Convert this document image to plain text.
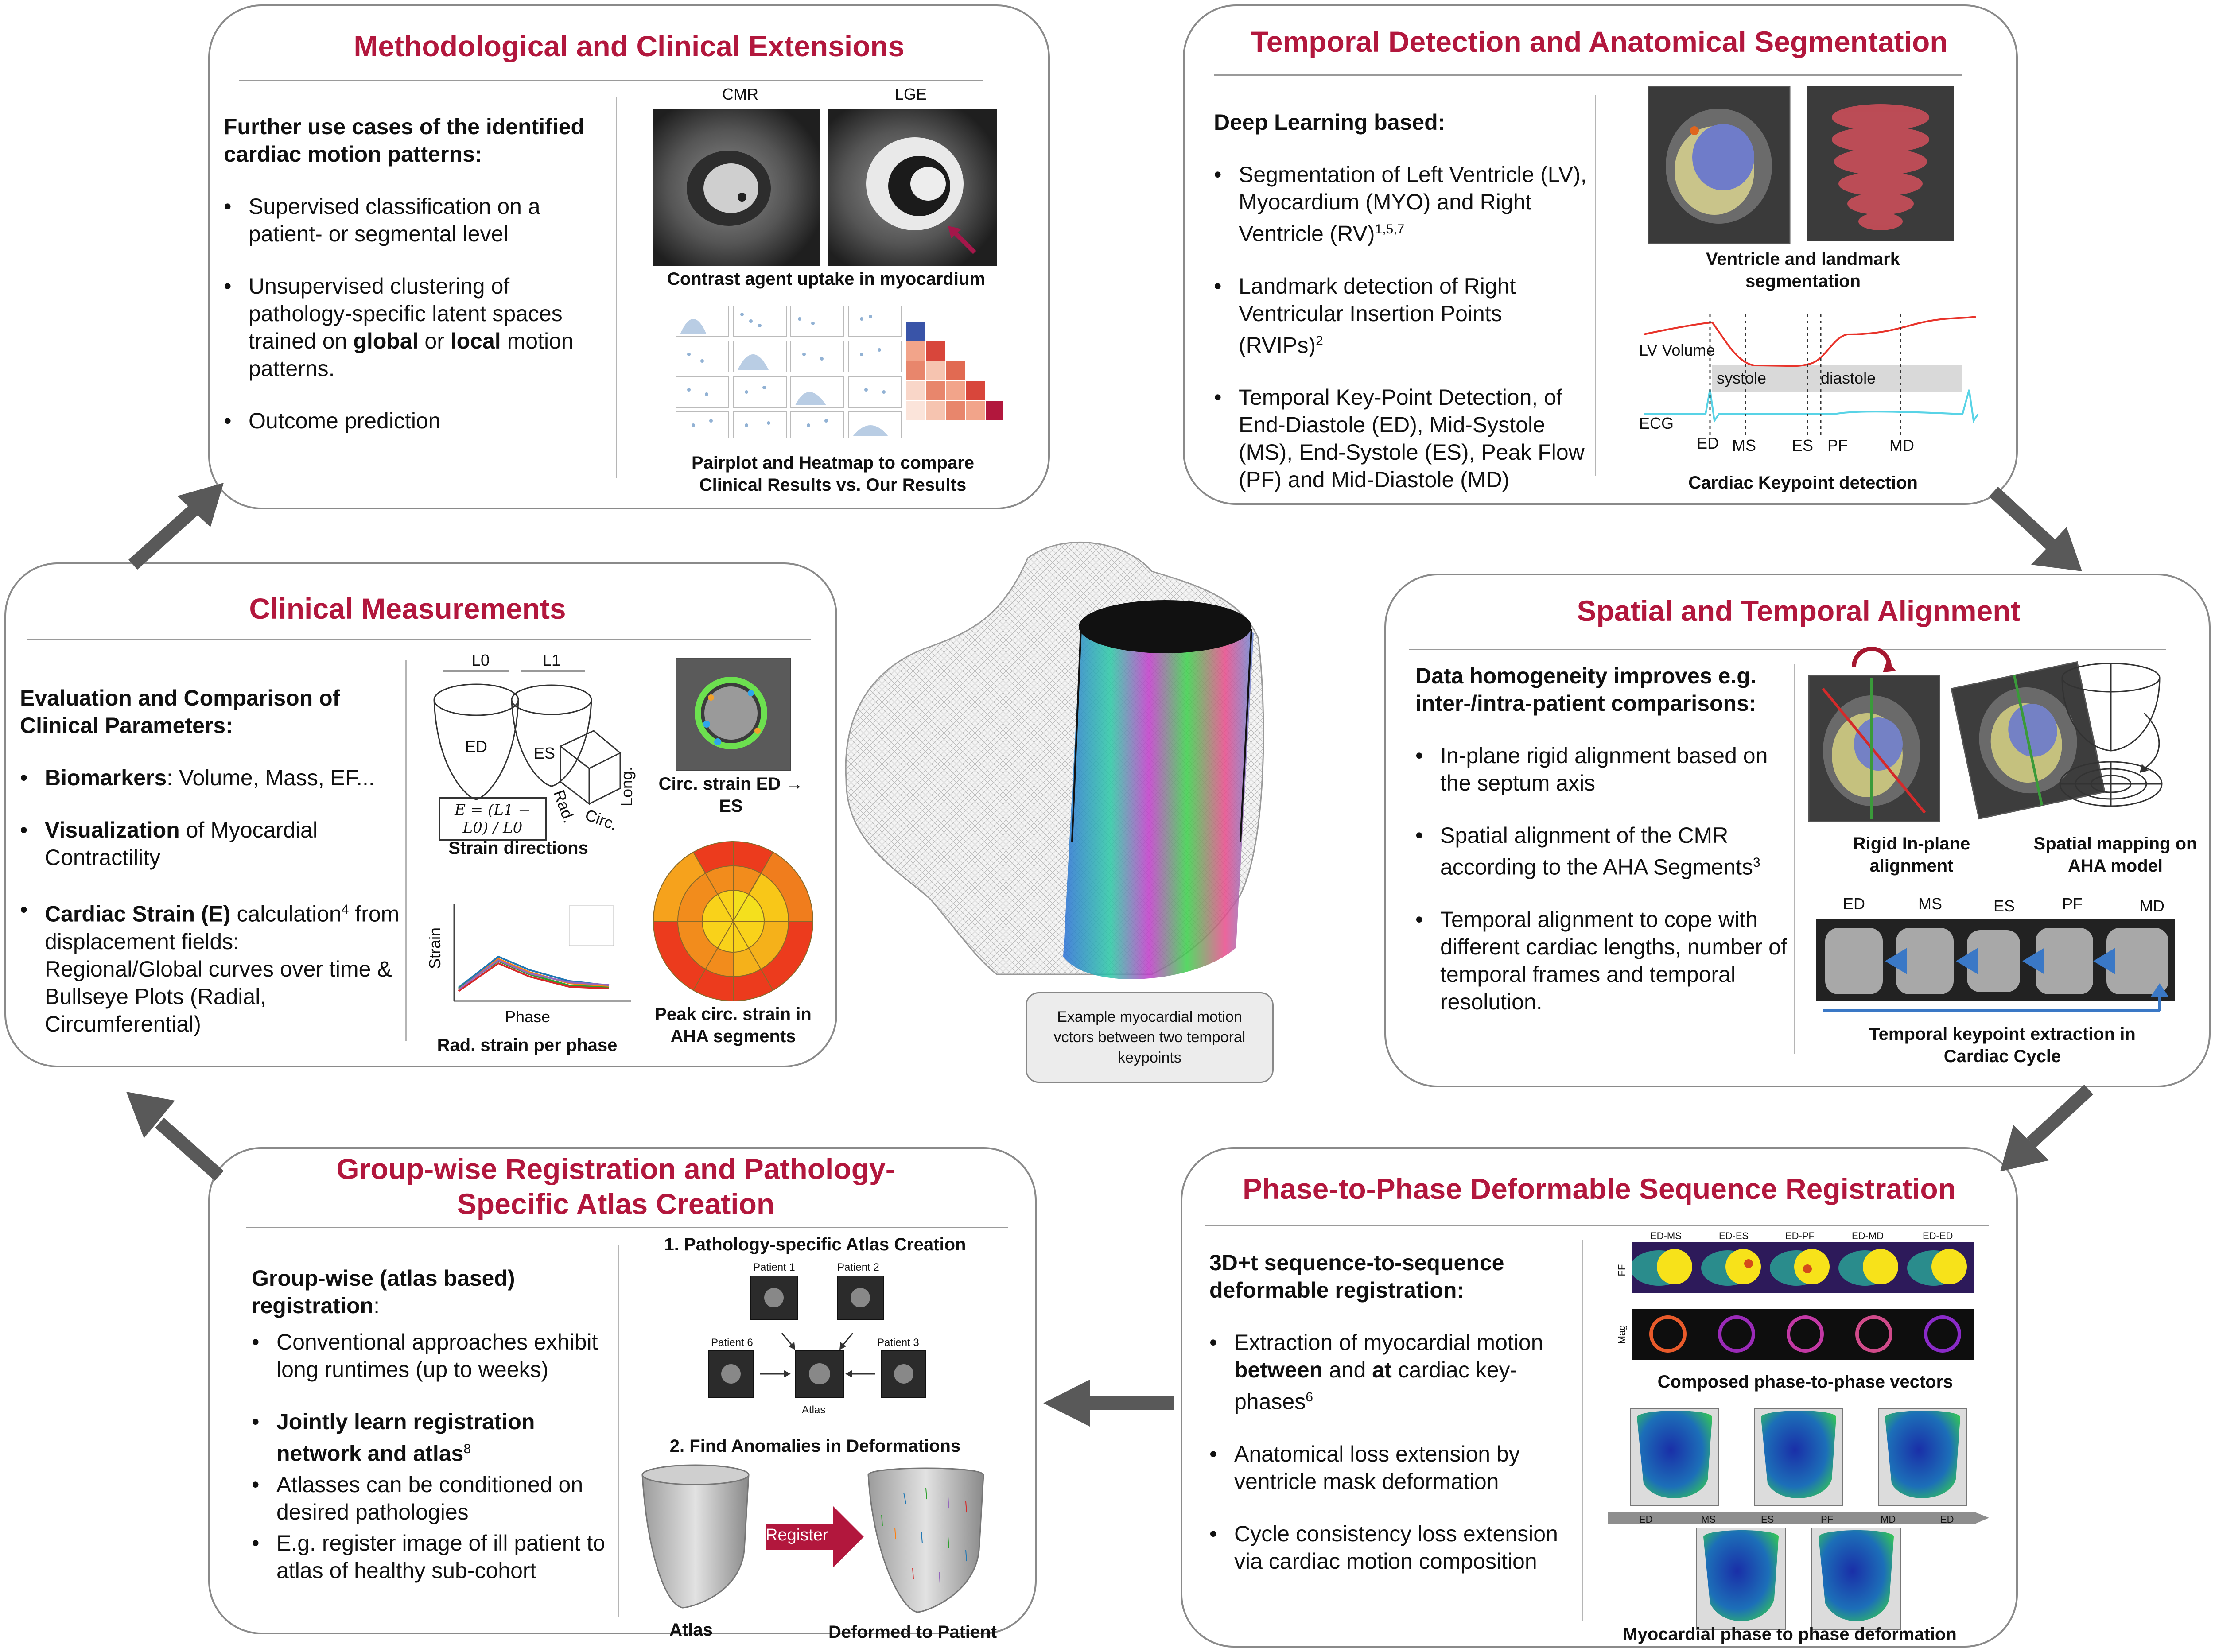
Methodological and Clinical Extensions

Further use cases of the identified cardiac motion patterns:

• Supervised classification on a patient- or segmental level

• Unsupervised clustering of pathology-specific latent spaces trained on global or local motion patterns.

• Outcome prediction

CMR	LGE
Contrast agent uptake in myocardium
Pairplot and Heatmap to compare Clinical Results vs. Our Results
Temporal Detection and Anatomical Segmentation

Deep Learning based:

• Segmentation of Left Ventricle (LV), Myocardium (MYO) and Right Ventricle (RV)$^{1,5,7}$

• Landmark detection of Right Ventricular Insertion Points (RVIPs)$^2$

• Temporal Key-Point Detection, of End-Diastole (ED), Mid-Systole (MS), End-Systole (ES), Peak Flow (PF) and Mid-Diastole (MD)

Ventricle and landmark segmentation
LV Volume
systole	diastole
ECG
ED MS ES PF	MD
Cardiac Keypoint detection
Clinical Measurements

Evaluation and Comparison of Clinical Parameters:

• Biomarkers: Volume, Mass, EF...

• Visualization of Myocardial Contractility

• Cardiac Strain (E) calculation$^4$ from displacement fields: Regional/Global curves over time & Bullseye Plots (Radial, Circumferential)

L0	L1
ED	ES
Long.
Rad. Circ.
E = (L1 − L0) / L0
Strain directions
Circ. strain ED → ES
Strain
Phase
Rad. strain per phase
Peak circ. strain in AHA segments
Spatial and Temporal Alignment

Data homogeneity improves e.g. inter-/intra-patient comparisons:

• In-plane rigid alignment based on the septum axis

• Spatial alignment of the CMR according to the AHA Segments$^3$

• Temporal alignment to cope with different cardiac lengths, number of temporal frames and temporal resolution.

Rigid In-plane alignment
Spatial mapping on AHA model
ED	MS	ES	PF	MD
Temporal keypoint extraction in Cardiac Cycle
Group-wise Registration and Pathology-Specific Atlas Creation

Group-wise (atlas based) registration:

• Conventional approaches exhibit long runtimes (up to weeks)

• Jointly learn registration network and atlas$^8$

• Atlasses can be conditioned on desired pathologies

• E.g. register image of ill patient to atlas of healthy sub-cohort

1. Pathology-specific Atlas Creation
Patient 1	Patient 2
Patient 6	Patient 3
Atlas
2. Find Anomalies in Deformations
Register
Atlas	Deformed to Patient
Phase-to-Phase Deformable Sequence Registration

3D+t sequence-to-sequence deformable registration:

• Extraction of myocardial motion between and at cardiac key-phases$^6$

• Anatomical loss extension by ventricle mask deformation

• Cycle consistency loss extension via cardiac motion composition

ED-MS	ED-ES	ED-PF	ED-MD	ED-ED
FF
Mag
Composed phase-to-phase vectors
ED	MS	ES	PF	MD	ED
Myocardial phase to phase deformation
Example myocardial motion vctors between two temporal keypoints
